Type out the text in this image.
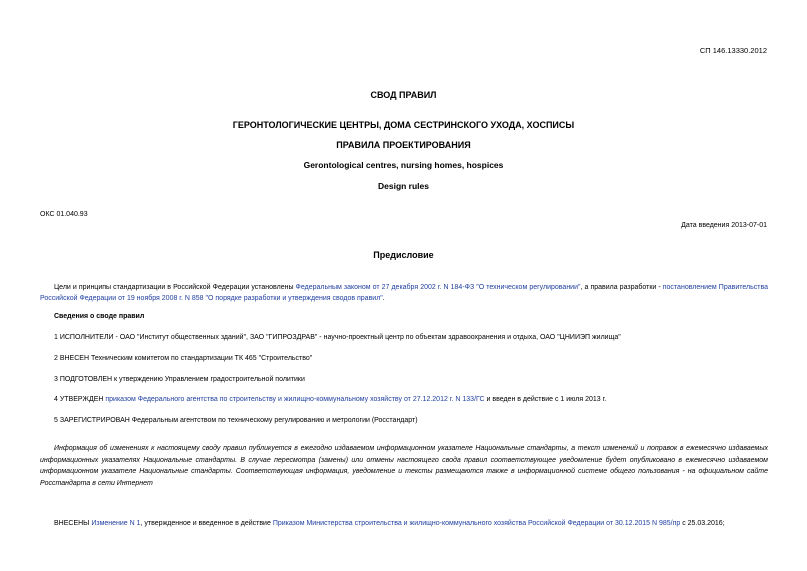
СП 146.13330.2012
СВОД ПРАВИЛ
ГЕРОНТОЛОГИЧЕСКИЕ ЦЕНТРЫ, ДОМА СЕСТРИНСКОГО УХОДА, ХОСПИСЫ
ПРАВИЛА ПРОЕКТИРОВАНИЯ
Gerontological centres, nursing homes, hospices
Design rules
ОКС 01.040.93
Дата введения 2013-07-01
Предисловие
Цели и принципы стандартизации в Российской Федерации установлены Федеральным законом от 27 декабря 2002 г. N 184-ФЗ "О техническом регулировании", а правила разработки - постановлением Правительства Российской Федерации от 19 ноября 2008 г. N 858 "О порядке разработки и утверждения сводов правил".
Сведения о своде правил
1 ИСПОЛНИТЕЛИ - ОАО "Институт общественных зданий", ЗАО "ГИПРОЗДРАВ" - научно-проектный центр по объектам здравоохранения и отдыха, ОАО "ЦНИИЭП жилища"
2 ВНЕСЕН Техническим комитетом по стандартизации ТК 465 "Строительство"
3 ПОДГОТОВЛЕН к утверждению Управлением градостроительной политики
4 УТВЕРЖДЕН приказом Федерального агентства по строительству и жилищно-коммунальному хозяйству от 27.12.2012 г. N 133/ГС и введен в действие с 1 июля 2013 г.
5 ЗАРЕГИСТРИРОВАН Федеральным агентством по техническому регулированию и метрологии (Росстандарт)
Информация об изменениях к настоящему своду правил публикуется в ежегодно издаваемом информационном указателе Национальные стандарты, а текст изменений и поправок в ежемесячно издаваемых информационных указателях Национальные стандарты. В случае пересмотра (замены) или отмены настоящего свода правил соответствующее уведомление будет опубликовано в ежемесячно издаваемом информационном указателе Национальные стандарты. Соответствующая информация, уведомление и тексты размещаются также в информационной системе общего пользования - на официальном сайте Росстандарта в сети Интернет
ВНЕСЕНЫ Изменение N 1, утвержденное и введенное в действие Приказом Министерства строительства и жилищно-коммунального хозяйства Российской Федерации от 30.12.2015 N 985/пр с 25.03.2016;
